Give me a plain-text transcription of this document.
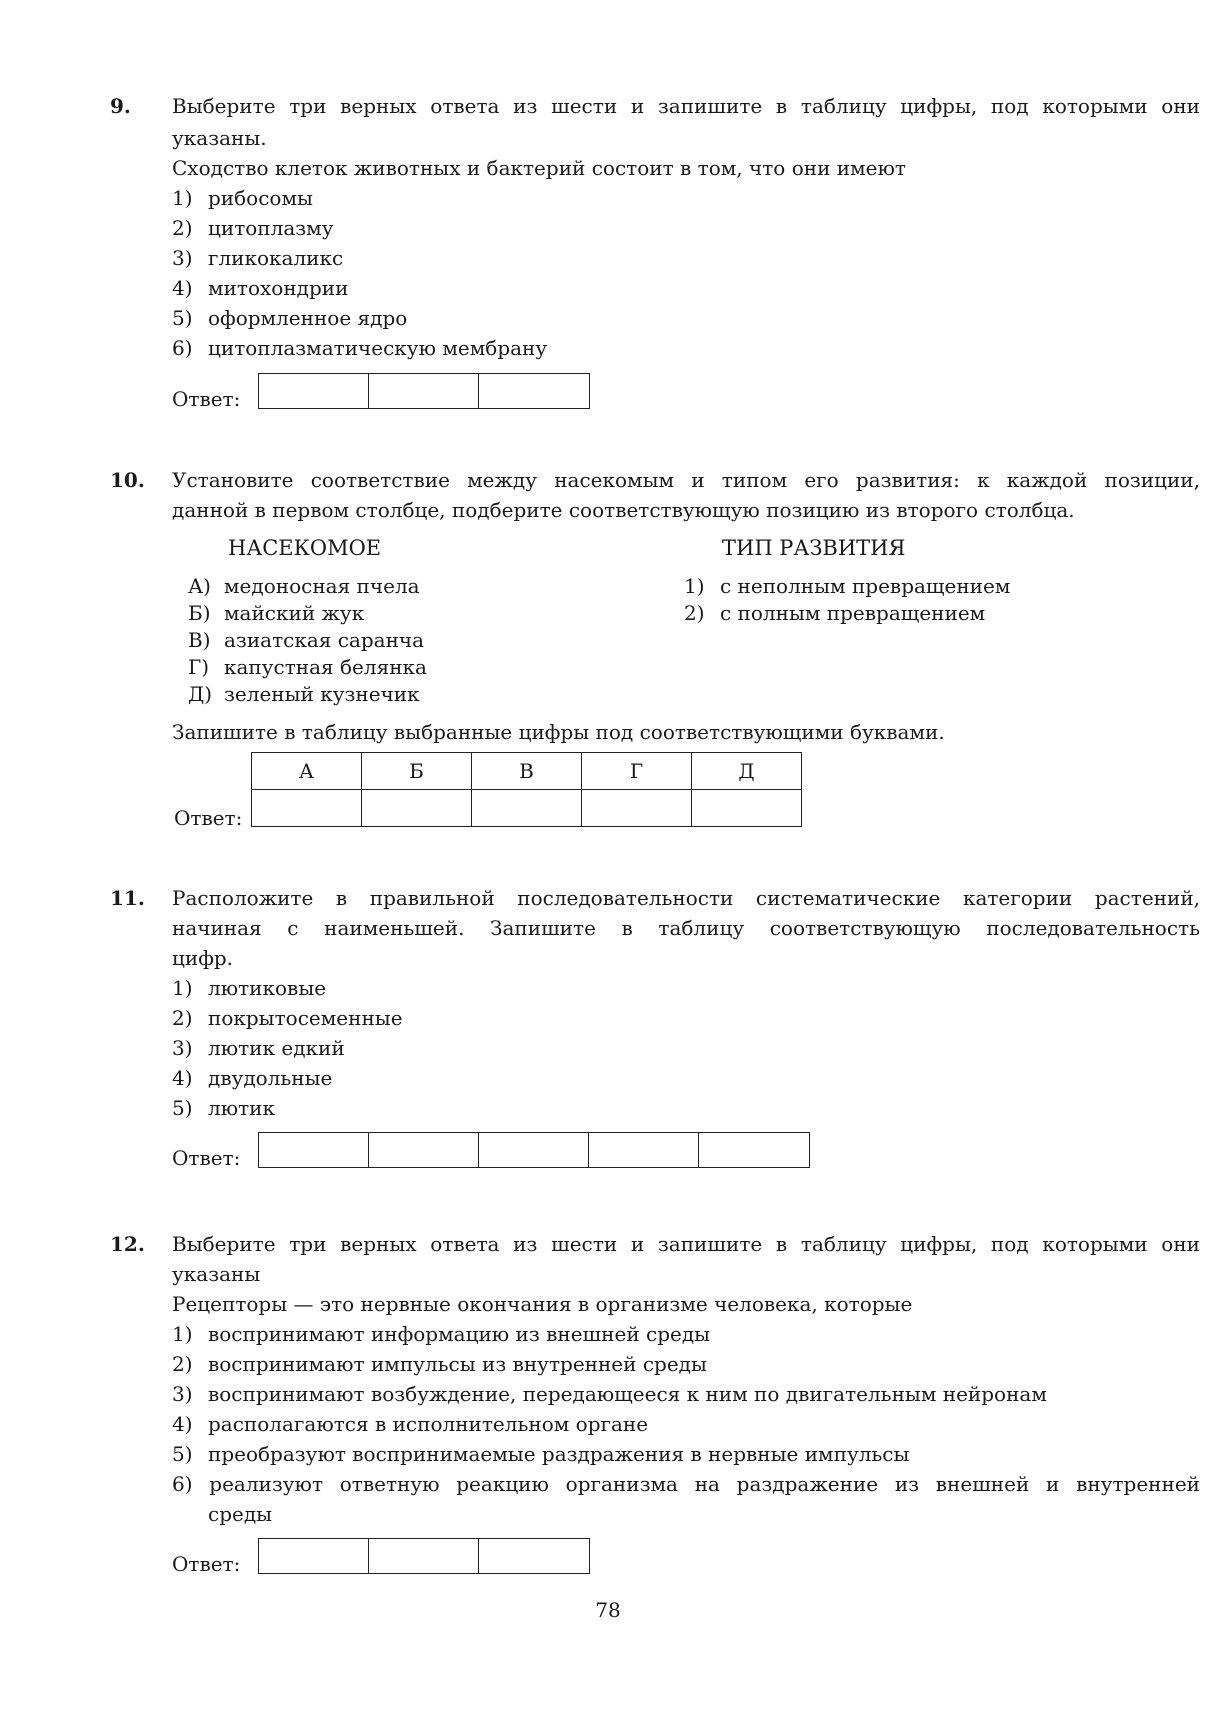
9. Выберите три верных ответа из шести и запишите в таблицу цифры, под которыми они
указаны.
Сходство клеток животных и бактерий состоит в том, что они имеют
1) рибосомы
2) цитоплазму
3) гликокаликс
4) митохондрии
5) оформленное ядро
6) цитоплазматическую мембрану
Ответ:
10. Установите соответствие между насекомым и типом его развития: к каждой позиции,
данной в первом столбце, подберите соответствующую позицию из второго столбца.
НАСЕКОМОЕ	ТИП РАЗВИТИЯ
А) медоносная пчела
Б) майский жук
В) азиатская саранча
Г) капустная белянка
Д) зеленый кузнечик
1) с неполным превращением
2) с полным превращением
Запишите в таблицу выбранные цифры под соответствующими буквами.
Ответ:
А	Б	В	Г	Д

11. Расположите в правильной последовательности систематические категории растений,
начиная с наименьшей. Запишите в таблицу соответствующую последовательность
цифр.
1) лютиковые
2) покрытосеменные
3) лютик едкий
4) двудольные
5) лютик
Ответ:
12. Выберите три верных ответа из шести и запишите в таблицу цифры, под которыми они
указаны
Рецепторы — это нервные окончания в организме человека, которые
1) воспринимают информацию из внешней среды
2) воспринимают импульсы из внутренней среды
3) воспринимают возбуждение, передающееся к ним по двигательным нейронам
4) располагаются в исполнительном органе
5) преобразуют воспринимаемые раздражения в нервные импульсы
6) реализуют ответную реакцию организма на раздражение из внешней и внутренней
среды
Ответ:
78
